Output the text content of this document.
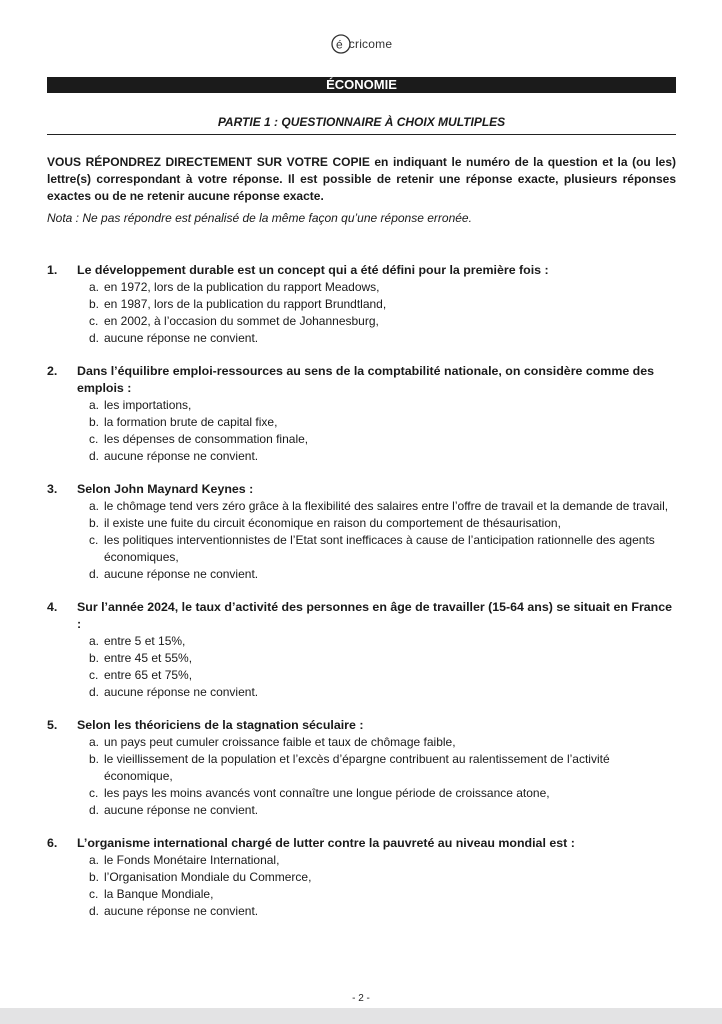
é cricome
ÉCONOMIE
PARTIE 1 : QUESTIONNAIRE À CHOIX MULTIPLES
VOUS RÉPONDREZ DIRECTEMENT SUR VOTRE COPIE en indiquant le numéro de la question et la (ou les) lettre(s) correspondant à votre réponse. Il est possible de retenir une réponse exacte, plusieurs réponses exactes ou de ne retenir aucune réponse exacte.
Nota : Ne pas répondre est pénalisé de la même façon qu’une réponse erronée.
1.	Le développement durable est un concept qui a été défini pour la première fois :
a. en 1972, lors de la publication du rapport Meadows,
b. en 1987, lors de la publication du rapport Brundtland,
c. en 2002, à l’occasion du sommet de Johannesburg,
d. aucune réponse ne convient.
2.	Dans l’équilibre emploi-ressources au sens de la comptabilité nationale, on considère comme des emplois :
a. les importations,
b. la formation brute de capital fixe,
c. les dépenses de consommation finale,
d. aucune réponse ne convient.
3.	Selon John Maynard Keynes :
a. le chômage tend vers zéro grâce à la flexibilité des salaires entre l’offre de travail et la demande de travail,
b. il existe une fuite du circuit économique en raison du comportement de thésaurisation,
c. les politiques interventionnistes de l’Etat sont inefficaces à cause de l’anticipation rationnelle des agents économiques,
d. aucune réponse ne convient.
4.	Sur l’année 2024, le taux d’activité des personnes en âge de travailler (15-64 ans) se situait en France :
a. entre 5 et 15%,
b. entre 45 et 55%,
c. entre 65 et 75%,
d. aucune réponse ne convient.
5.	Selon les théoriciens de la stagnation séculaire :
a. un pays peut cumuler croissance faible et taux de chômage faible,
b. le vieillissement de la population et l’excès d’épargne contribuent au ralentissement de l’activité économique,
c. les pays les moins avancés vont connaître une longue période de croissance atone,
d. aucune réponse ne convient.
6.	L’organisme international chargé de lutter contre la pauvreté au niveau mondial est :
a. le Fonds Monétaire International,
b. l’Organisation Mondiale du Commerce,
c. la Banque Mondiale,
d. aucune réponse ne convient.
- 2 -
